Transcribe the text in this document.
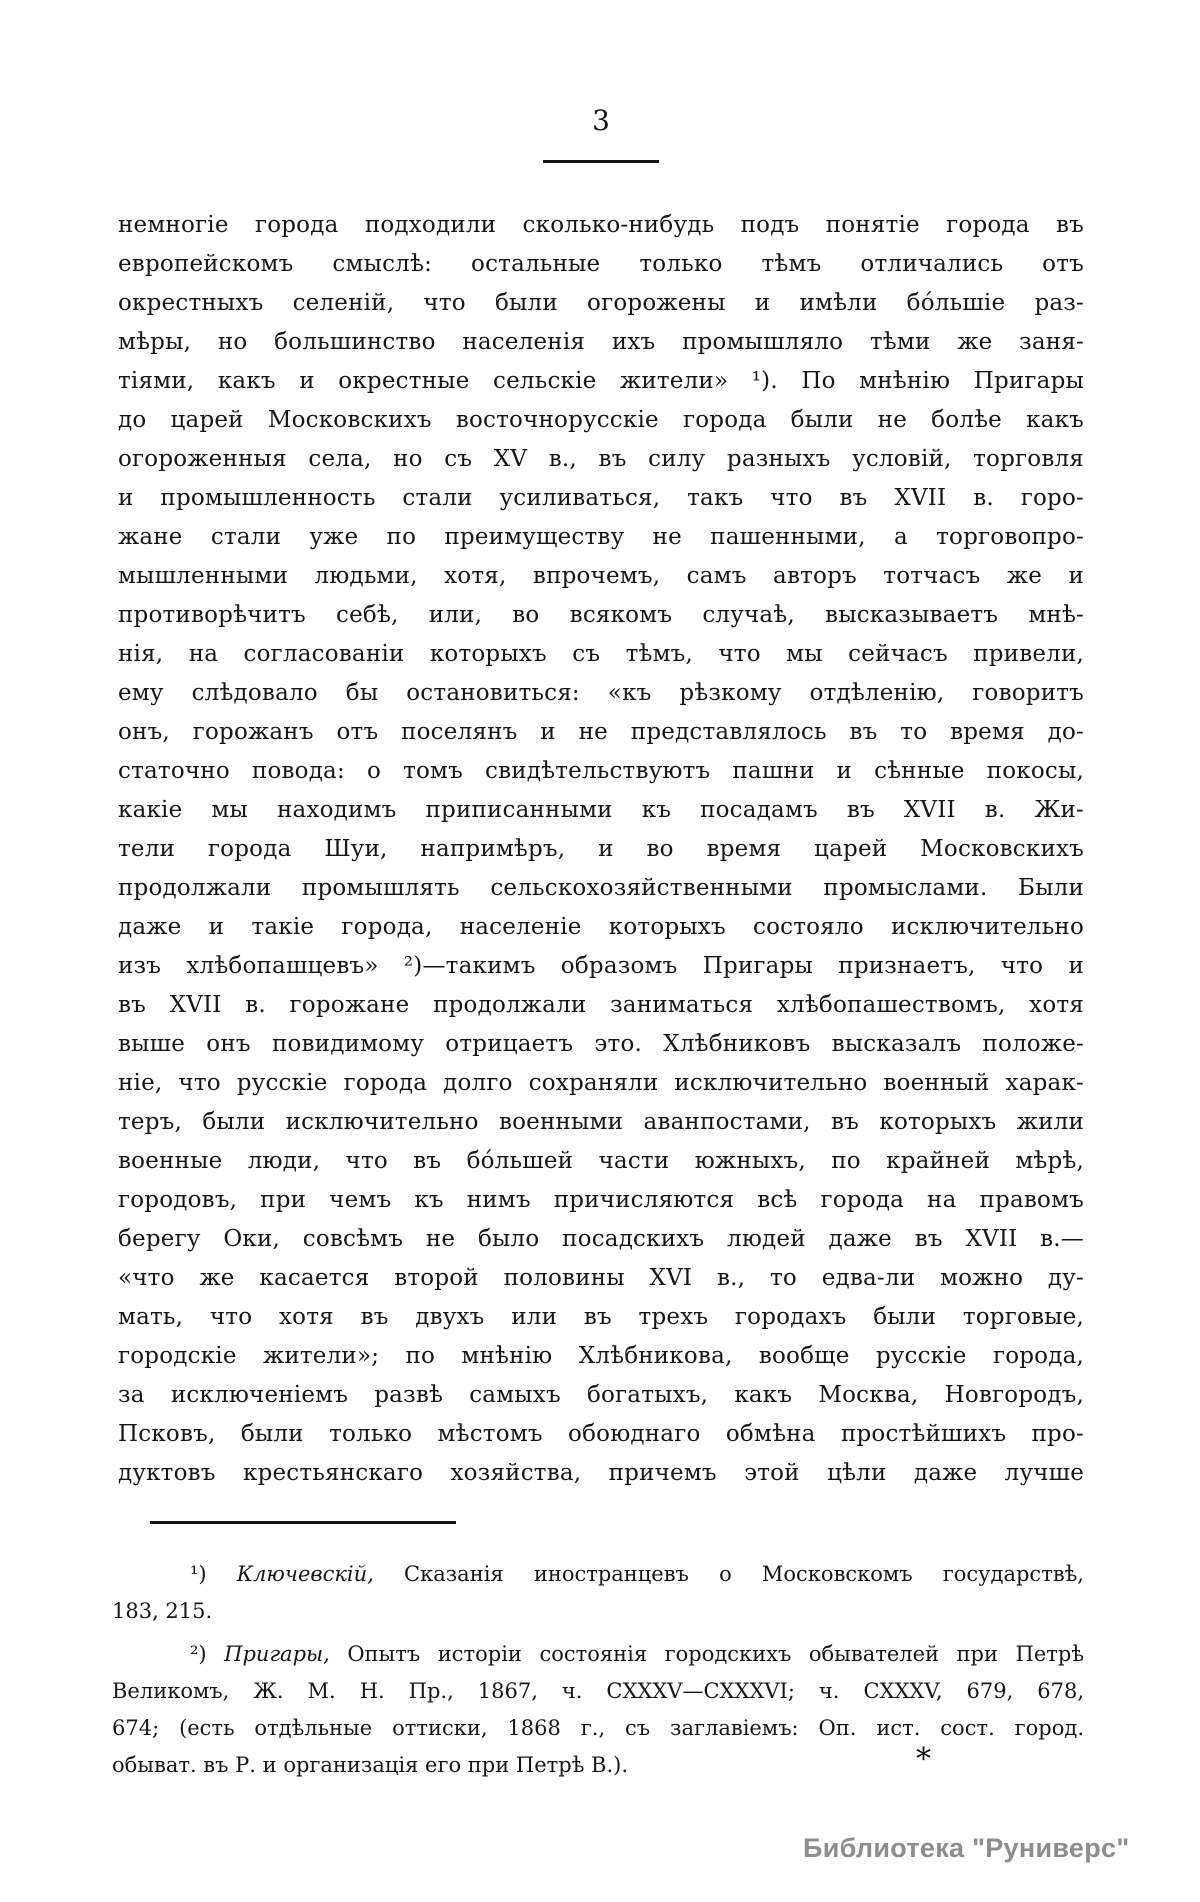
3
немногіе города подходили сколько-нибудь подъ понятіе города въ
европейскомъ смыслѣ: остальные только тѣмъ отличались отъ
окрестныхъ селеній, что были огорожены и имѣли бо́льшіе раз-
мѣры, но большинство населенія ихъ промышляло тѣми же заня-
тіями, какъ и окрестные сельскіе жители» ¹). По мнѣнію Пригары
до царей Московскихъ восточнорусскіе города были не болѣе какъ
огороженныя села, но съ XV в., въ силу разныхъ условій, торговля
и промышленность стали усиливаться, такъ что въ XVII в. горо-
жане стали уже по преимуществу не пашенными, а торговопро-
мышленными людьми, хотя, впрочемъ, самъ авторъ тотчасъ же и
противорѣчитъ себѣ, или, во всякомъ случаѣ, высказываетъ мнѣ-
нія, на согласованіи которыхъ съ тѣмъ, что мы сейчасъ привели,
ему слѣдовало бы остановиться: «къ рѣзкому отдѣленію, говоритъ
онъ, горожанъ отъ поселянъ и не представлялось въ то время до-
статочно повода: о томъ свидѣтельствуютъ пашни и сѣнные покосы,
какіе мы находимъ приписанными къ посадамъ въ XVII в. Жи-
тели города Шуи, напримѣръ, и во время царей Московскихъ
продолжали промышлять сельскохозяйственными промыслами. Были
даже и такіе города, населеніе которыхъ состояло исключительно
изъ хлѣбопашцевъ» ²)—такимъ образомъ Пригары признаетъ, что и
въ XVII в. горожане продолжали заниматься хлѣбопашествомъ, хотя
выше онъ повидимому отрицаетъ это. Хлѣбниковъ высказалъ положе-
ніе, что русскіе города долго сохраняли исключительно военный харак-
теръ, были исключительно военными аванпостами, въ которыхъ жили
военные люди, что въ бо́льшей части южныхъ, по крайней мѣрѣ,
городовъ, при чемъ къ нимъ причисляются всѣ города на правомъ
берегу Оки, совсѣмъ не было посадскихъ людей даже въ XVII в.—
«что же касается второй половины XVI в., то едва-ли можно ду-
мать, что хотя въ двухъ или въ трехъ городахъ были торговые,
городскіе жители»; по мнѣнію Хлѣбникова, вообще русскіе города,
за исключеніемъ развѣ самыхъ богатыхъ, какъ Москва, Новгородъ,
Псковъ, были только мѣстомъ обоюднаго обмѣна простѣйшихъ про-
дуктовъ крестьянскаго хозяйства, причемъ этой цѣли даже лучше
¹) Ключевскій, Сказанія иностранцевъ о Московскомъ государствѣ,
183, 215.
²) Пригары, Опытъ исторіи состоянія городскихъ обывателей при Петрѣ
Великомъ, Ж. М. Н. Пр., 1867, ч. CXXXV—CXXXVI; ч. CXXXV, 679, 678,
674; (есть отдѣльные оттиски, 1868 г., съ заглавіемъ: Оп. ист. сост. город.
обыват. въ Р. и организація его при Петрѣ В.).	*
Библиотека "Руниверс"
